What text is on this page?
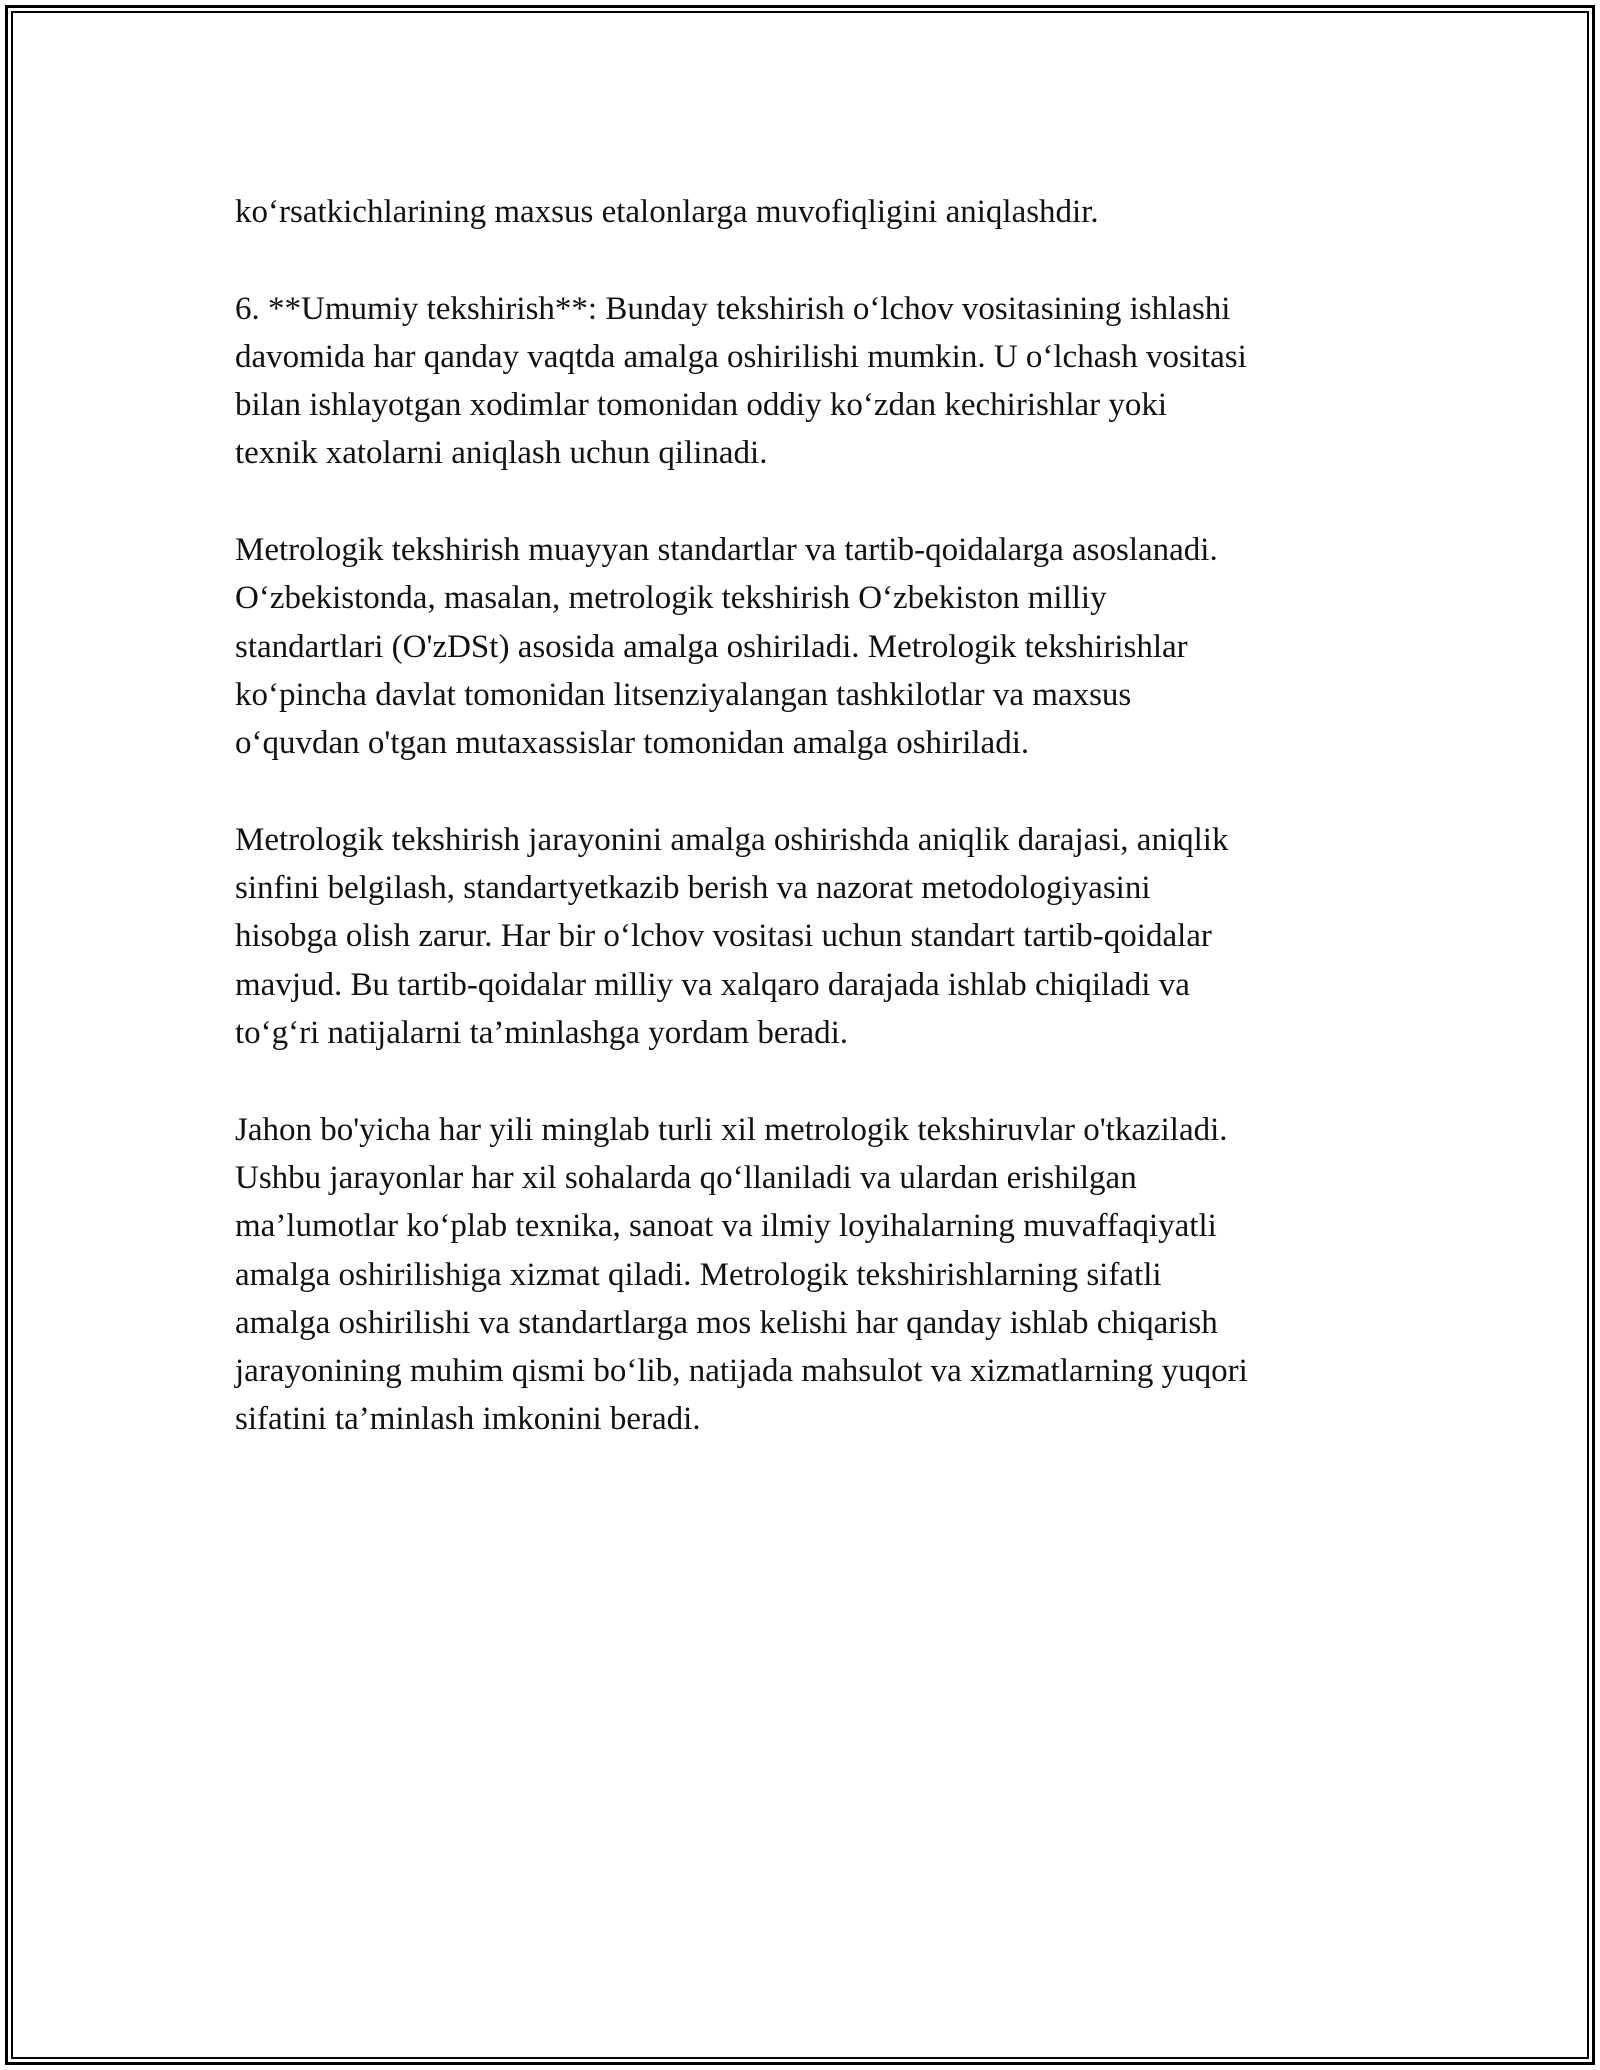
ko‘rsatkichlarining maxsus etalonlarga muvofiqligini aniqlashdir.

6. **Umumiy tekshirish**: Bunday tekshirish o‘lchov vositasining ishlashi
davomida har qanday vaqtda amalga oshirilishi mumkin. U o‘lchash vositasi
bilan ishlayotgan xodimlar tomonidan oddiy ko‘zdan kechirishlar yoki
texnik xatolarni aniqlash uchun qilinadi.

Metrologik tekshirish muayyan standartlar va tartib-qoidalarga asoslanadi.
O‘zbekistonda, masalan, metrologik tekshirish O‘zbekiston milliy
standartlari (O'zDSt) asosida amalga oshiriladi. Metrologik tekshirishlar
ko‘pincha davlat tomonidan litsenziyalangan tashkilotlar va maxsus
o‘quvdan o'tgan mutaxassislar tomonidan amalga oshiriladi.

Metrologik tekshirish jarayonini amalga oshirishda aniqlik darajasi, aniqlik
sinfini belgilash, standartyetkazib berish va nazorat metodologiyasini
hisobga olish zarur. Har bir o‘lchov vositasi uchun standart tartib-qoidalar
mavjud. Bu tartib-qoidalar milliy va xalqaro darajada ishlab chiqiladi va
to‘g‘ri natijalarni ta’minlashga yordam beradi.

Jahon bo'yicha har yili minglab turli xil metrologik tekshiruvlar o'tkaziladi.
Ushbu jarayonlar har xil sohalarda qo‘llaniladi va ulardan erishilgan
ma’lumotlar ko‘plab texnika, sanoat va ilmiy loyihalarning muvaffaqiyatli
amalga oshirilishiga xizmat qiladi. Metrologik tekshirishlarning sifatli
amalga oshirilishi va standartlarga mos kelishi har qanday ishlab chiqarish
jarayonining muhim qismi bo‘lib, natijada mahsulot va xizmatlarning yuqori
sifatini ta’minlash imkonini beradi.
